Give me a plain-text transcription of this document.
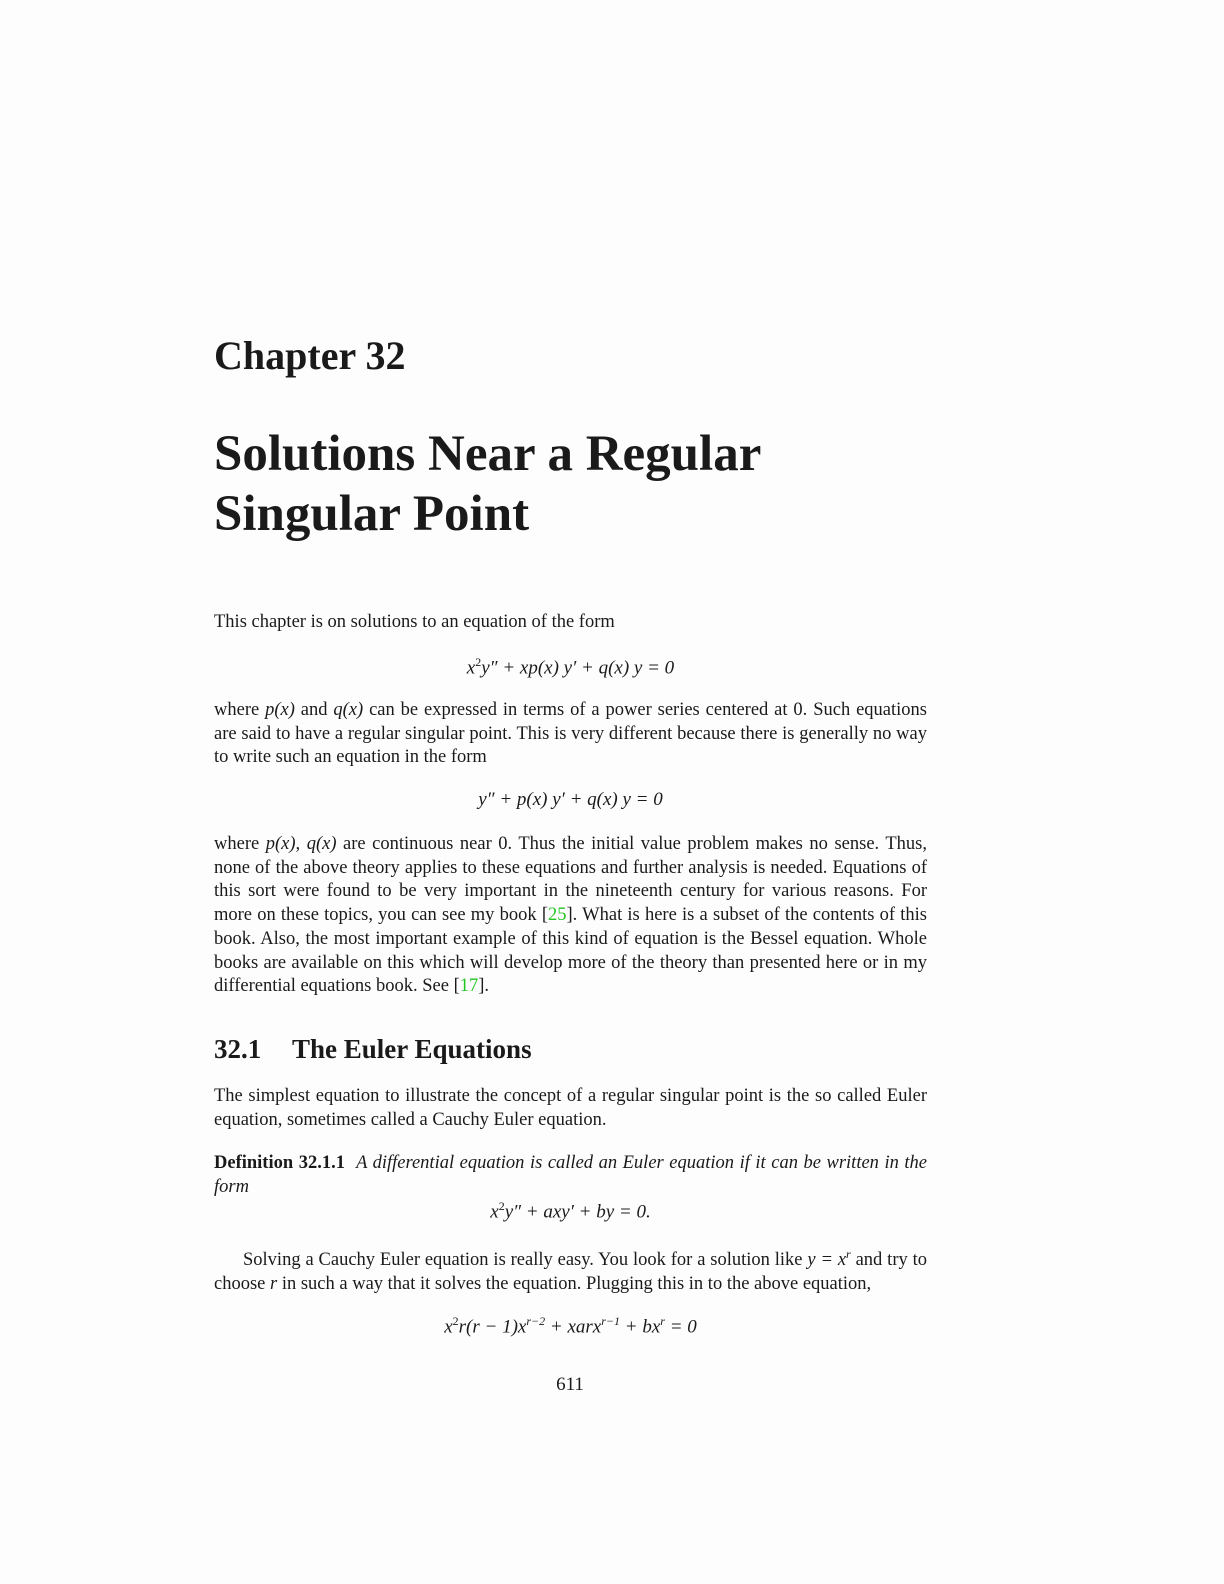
Chapter 32
Solutions Near a Regular
Singular Point

This chapter is on solutions to an equation of the form

$x^2y'' + xp(x) y' + q(x) y = 0$

where p(x) and q(x) can be expressed in terms of a power series centered at 0. Such equations are said to have a regular singular point. This is very different because there is generally no way to write such an equation in the form

y″ + p(x) y′ + q(x) y = 0

where p(x), q(x) are continuous near 0. Thus the initial value problem makes no sense. Thus, none of the above theory applies to these equations and further analysis is needed. Equations of this sort were found to be very important in the nineteenth century for various reasons. For more on these topics, you can see my book [25]. What is here is a subset of the contents of this book. Also, the most important example of this kind of equation is the Bessel equation. Whole books are available on this which will develop more of the theory than presented here or in my differential equations book. See [17].

32.1 The Euler Equations

The simplest equation to illustrate the concept of a regular singular point is the so called Euler equation, sometimes called a Cauchy Euler equation.

Definition 32.1.1 A differential equation is called an Euler equation if it can be written in the form

$x^2y'' + axy'$ + by = 0.

Solving a Cauchy Euler equation is really easy. You look for a solution like $y = x^r$ and try to choose r in such a way that it solves the equation. Plugging this in to the above equation,

$x^2r(r - 1)x^{r-2}$ + xarx$^{r-1}$ + $bx^r = 0$

611
